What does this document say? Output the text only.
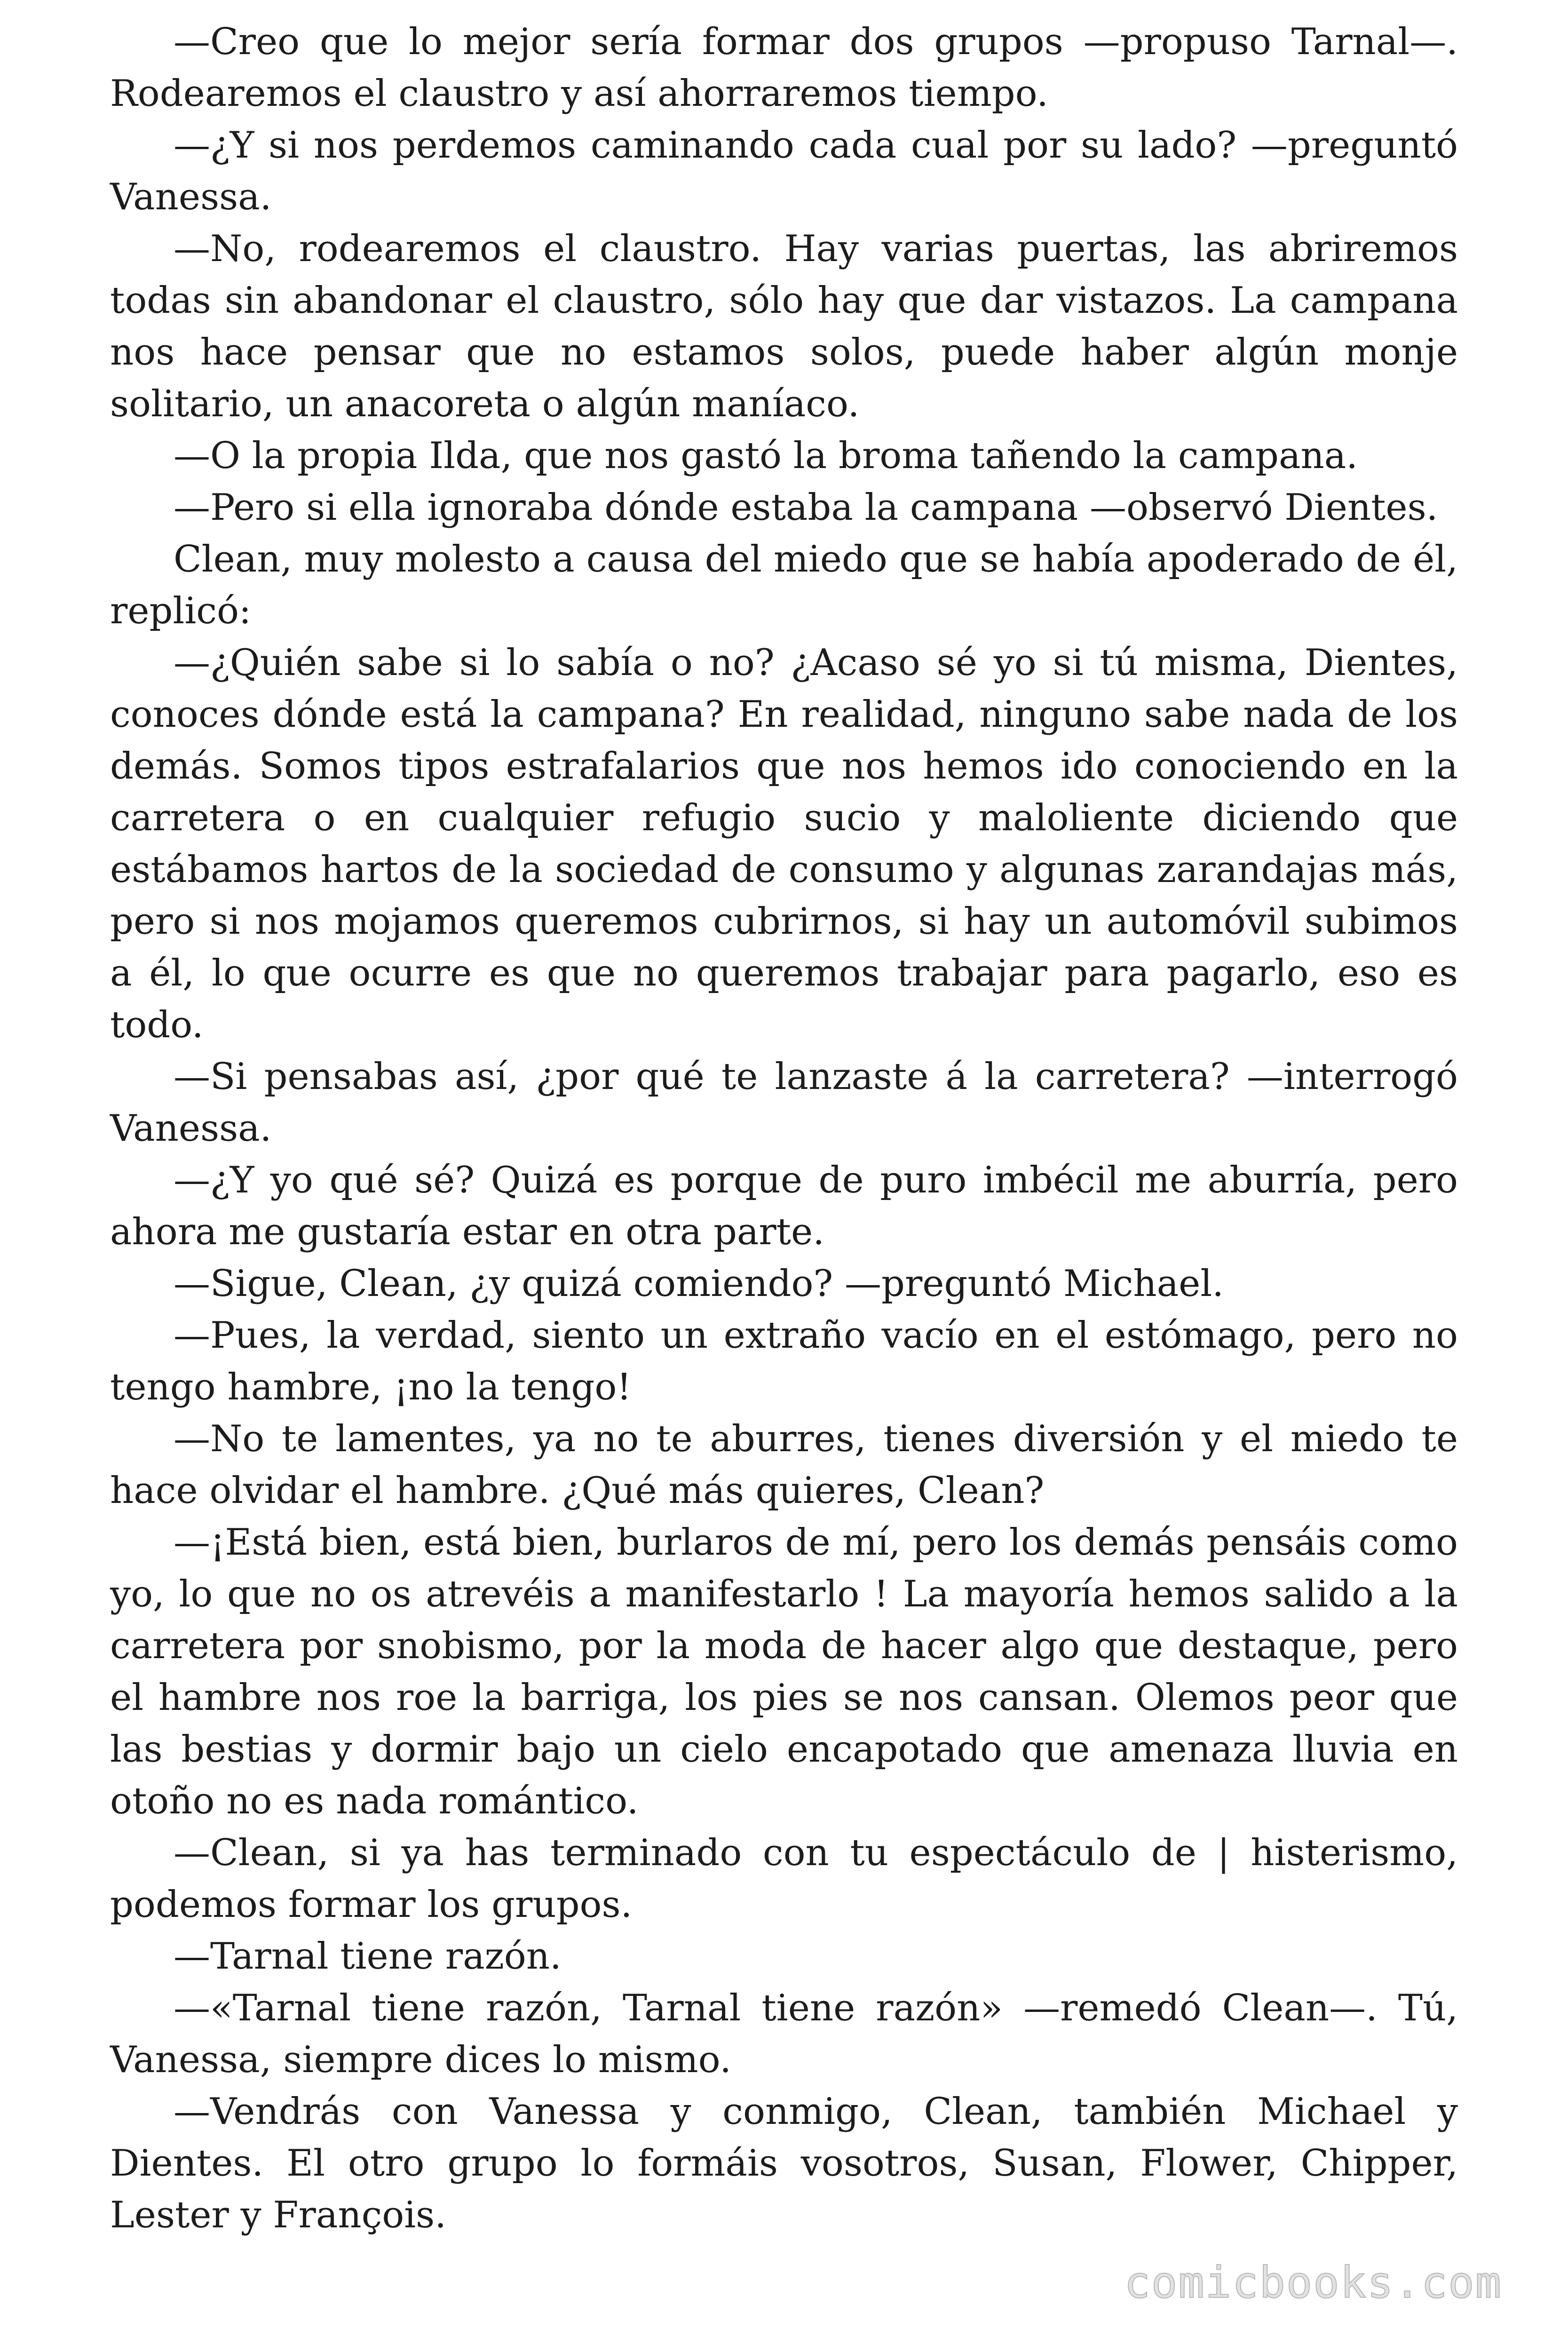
—Creo que lo mejor sería formar dos grupos —propuso Tarnal—. Rodearemos el claustro y así ahorraremos tiempo.

—¿Y si nos perdemos caminando cada cual por su lado? —preguntó Vanessa.

—No, rodearemos el claustro. Hay varias puertas, las abriremos todas sin abandonar el claustro, sólo hay que dar vistazos. La campana nos hace pensar que no estamos solos, puede haber algún monje solitario, un anacoreta o algún maníaco.

—O la propia Ilda, que nos gastó la broma tañendo la campana.

—Pero si ella ignoraba dónde estaba la campana —observó Dientes.

Clean, muy molesto a causa del miedo que se había apoderado de él, replicó:

—¿Quién sabe si lo sabía o no? ¿Acaso sé yo si tú misma, Dientes, conoces dónde está la campana? En realidad, ninguno sabe nada de los demás. Somos tipos estrafalarios que nos hemos ido conociendo en la carretera o en cualquier refugio sucio y maloliente diciendo que estábamos hartos de la sociedad de consumo y algunas zarandajas más, pero si nos mojamos queremos cubrirnos, si hay un automóvil subimos a él, lo que ocurre es que no queremos trabajar para pagarlo, eso es todo.

—Si pensabas así, ¿por qué te lanzaste á la carretera? —interrogó Vanessa.

—¿Y yo qué sé? Quizá es porque de puro imbécil me aburría, pero ahora me gustaría estar en otra parte.

—Sigue, Clean, ¿y quizá comiendo? —preguntó Michael.

—Pues, la verdad, siento un extraño vacío en el estómago, pero no tengo hambre, ¡no la tengo!

—No te lamentes, ya no te aburres, tienes diversión y el miedo te hace olvidar el hambre. ¿Qué más quieres, Clean?

—¡Está bien, está bien, burlaros de mí, pero los demás pensáis como yo, lo que no os atrevéis a manifestarlo ! La mayoría hemos salido a la carretera por snobismo, por la moda de hacer algo que destaque, pero el hambre nos roe la barriga, los pies se nos cansan. Olemos peor que las bestias y dormir bajo un cielo encapotado que amenaza lluvia en otoño no es nada romántico.

—Clean, si ya has terminado con tu espectáculo de | histerismo, podemos formar los grupos.

—Tarnal tiene razón.

—«Tarnal tiene razón, Tarnal tiene razón» —remedó Clean—. Tú, Vanessa, siempre dices lo mismo.

—Vendrás con Vanessa y conmigo, Clean, también Michael y Dientes. El otro grupo lo formáis vosotros, Susan, Flower, Chipper, Lester y François.

comicbooks.com
